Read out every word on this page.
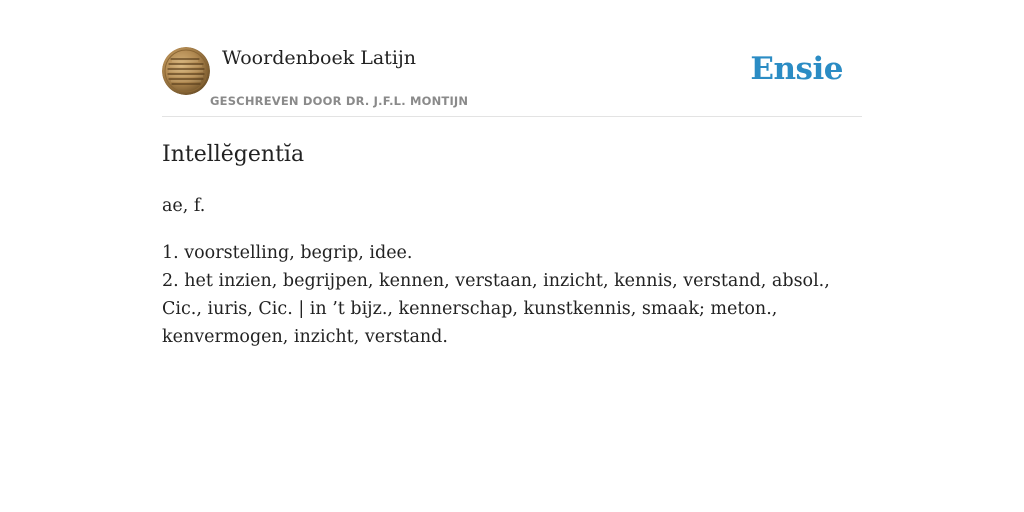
Woordenboek Latijn
GESCHREVEN DOOR DR. J.F.L. MONTIJN
Ensie
Intellĕgentĭa

ae, f.

1. voorstelling, begrip, idee.
2. het inzien, begrijpen, kennen, verstaan, inzicht, kennis, verstand, absol., Cic., iuris, Cic. | in ’t bijz., kennerschap, kunstkennis, smaak; meton., kenvermogen, inzicht, verstand.
